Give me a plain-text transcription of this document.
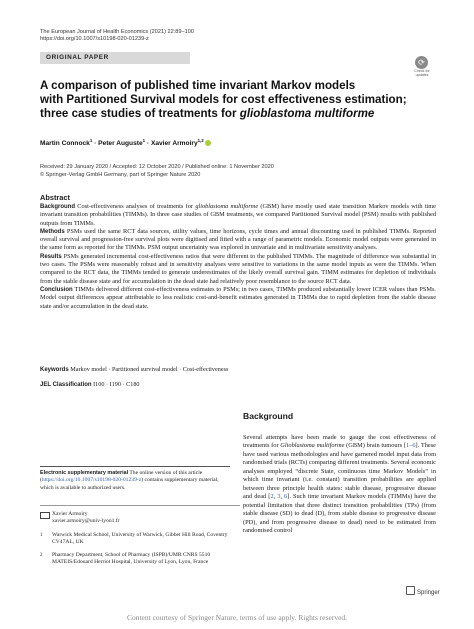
The European Journal of Health Economics (2021) 22:89–100
https://doi.org/10.1007/s10198-020-01239-z
ORIGINAL PAPER
⟳
Check for updates
A comparison of published time invariant Markov models
with Partitioned Survival models for cost effectiveness estimation;
three case studies of treatments for glioblastoma multiforme
Martin Connock$^1$ · Peter Auguste$^1$ · Xavier Armoiry$^{1,2}$
Received: 29 January 2020 / Accepted: 12 October 2020 / Published online: 1 November 2020
© Springer-Verlag GmbH Germany, part of Springer Nature 2020
Abstract

Background Cost-effectiveness analyses of treatments for glioblastoma multiforme (GBM) have mostly used state transition Markov models with time invariant transition probabilities (TIMMs). In three case studies of GBM treatments, we compared Partitioned Survival model (PSM) results with published outputs from TIMMs.

Methods PSMs used the same RCT data sources, utility values, time horizons, cycle times and annual discounting used in published TIMMs. Reported overall survival and progression-free survival plots were digitised and fitted with a range of parametric models. Economic model outputs were generated in the same form as reported for the TIMMs. PSM output uncertainty was explored in univariate and in multivariate sensitivity analyses.

Results PSMs generated incremental cost-effectiveness ratios that were different to the published TIMMs. The magnitude of difference was substantial in two cases. The PSMs were reasonably robust and in sensitivity analyses were sensitive to variations in the same model inputs as were the TIMMs. When compared to the RCT data, the TIMMs tended to generate underestimates of the likely overall survival gain. TIMM estimates for depletion of individuals from the stable disease state and for accumulation in the dead state had relatively poor resemblance to the source RCT data.

Conclusion TIMMs delivered different cost-effectiveness estimates to PSMs; in two cases, TIMMs produced substantially lower ICER values than PSMs. Model output differences appear attributable to less realistic cost-and-benefit estimates generated in TIMMs due to rapid depletion from the stable disease state and/or accumulation in the dead state.

Keywords Markov model · Partitioned survival model · Cost-effectiveness
JEL Classification I100 · I190 · C180
Electronic supplementary material The online version of this article (https://doi.org/10.1007/s10198-020-01239-z) contains supplementary material, which is available to authorized users.
Xavier Armoiry
xavier.armoiry@univ-lyon1.fr
1	Warwick Medical School, University of Warwick, Gibbet Hill Road, Coventry CV47AL, UK
2	Pharmacy Department, School of Pharmacy (ISPB)/UMR CNRS 5510 MATEIS/Edouard Herriot Hospital, University of Lyon, Lyon, France
Background

Several attempts have been made to gauge the cost effectiveness of treatments for Glioblastoma multiforme (GBM) brain tumours [1–6]. These have used various methodologies and have garnered model input data from randomised trials (RCTs) comparing different treatments. Several economic analyses employed “discrete State, continuous time Markov Models” in which time invariant (i.e. constant) transition probabilities are applied between three principle health states: stable disease, progressive disease and dead [2, 3, 6]. Such time invariant Markov models (TIMMs) have the potential limitation that three distinct transition probabilities (TPs) (from stable disease (SD) to dead (D), from stable disease to progressive disease (PD), and from progressive disease to dead) need to be estimated from randomised control

Springer
Content courtesy of Springer Nature, terms of use apply. Rights reserved.
